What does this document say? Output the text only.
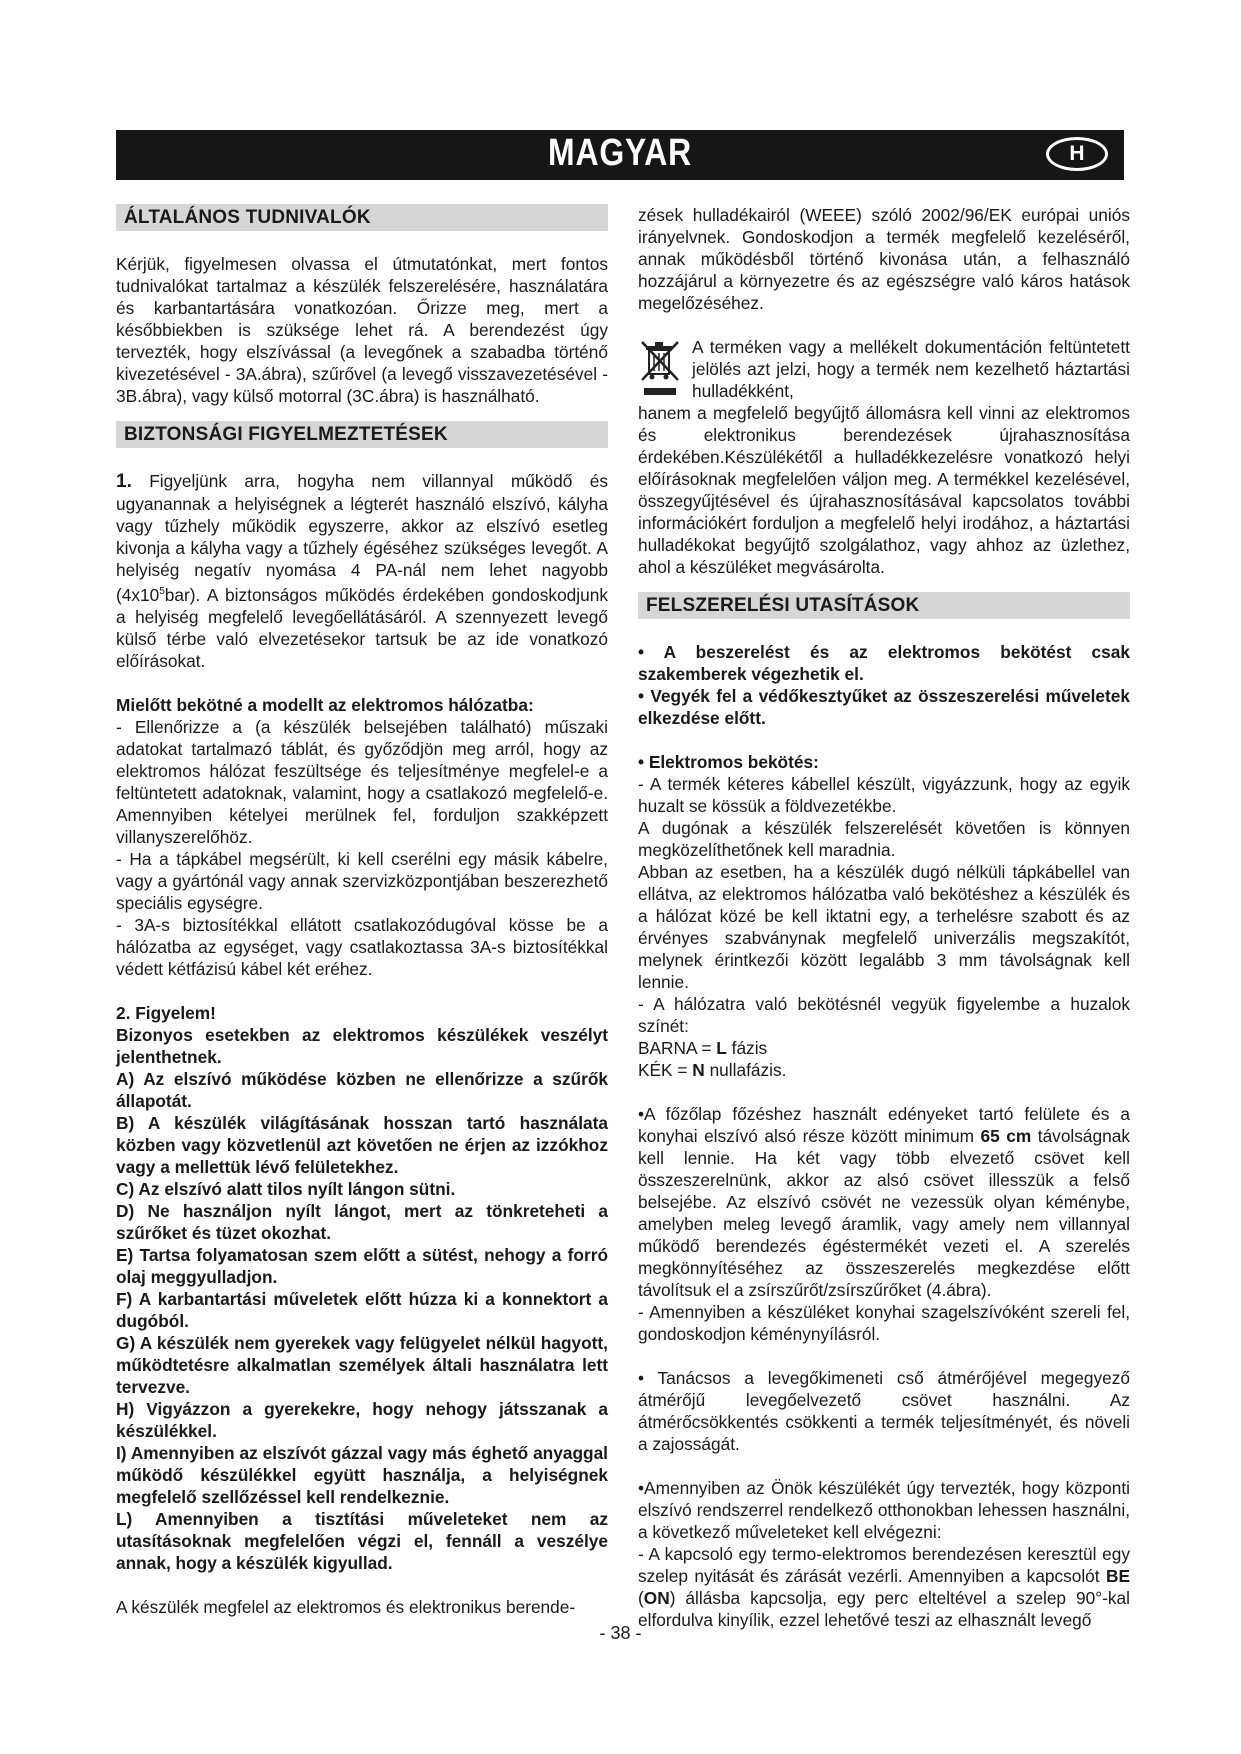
MAGYAR	H
ÁLTALÁNOS TUDNIVALÓK

Kérjük, figyelmesen olvassa el útmutatónkat, mert fontos tudnivalókat tartalmaz a készülék felszerelésére, használatára és karbantartására vonatkozóan. Őrizze meg, mert a későbbiekben is szüksége lehet rá. A berendezést úgy tervezték, hogy elszívással (a levegőnek a szabadba történő kivezetésével - 3A.ábra), szűrővel (a levegő visszavezetésével - 3B.ábra), vagy külső motorral (3C.ábra) is használható.

BIZTONSÁGI FIGYELMEZTETÉSEK

1. Figyeljünk arra, hogyha nem villannyal működő és ugyanannak a helyiségnek a légterét használó elszívó, kályha vagy tűzhely működik egyszerre, akkor az elszívó esetleg kivonja a kályha vagy a tűzhely égéséhez szükséges levegőt. A helyiség negatív nyomása 4 PA-nál nem lehet nagyobb $(4x10^5bar)$. A biztonságos működés érdekében gondoskodjunk a helyiség megfelelő levegőellátásáról. A szennyezett levegő külső térbe való elvezetésekor tartsuk be az ide vonatkozó előírásokat.

Mielőtt bekötné a modellt az elektromos hálózatba:

- Ellenőrizze a (a készülék belsejében található) műszaki adatokat tartalmazó táblát, és győződjön meg arról, hogy az elektromos hálózat feszültsége és teljesítménye megfelel-e a feltüntetett adatoknak, valamint, hogy a csatlakozó megfelelő-e. Amennyiben kételyei merülnek fel, forduljon szakképzett villanyszerelőhöz.

- Ha a tápkábel megsérült, ki kell cserélni egy másik kábelre, vagy a gyártónál vagy annak szervizközpontjában beszerezhető speciális egységre.

- 3A-s biztosítékkal ellátott csatlakozódugóval kösse be a hálózatba az egységet, vagy csatlakoztassa 3A-s biztosítékkal védett kétfázisú kábel két eréhez.

2. Figyelem!

Bizonyos esetekben az elektromos készülékek veszélyt jelenthetnek.

A) Az elszívó működése közben ne ellenőrizze a szűrők állapotát.

B) A készülék világításának hosszan tartó használata közben vagy közvetlenül azt követően ne érjen az izzókhoz vagy a mellettük lévő felületekhez.

C) Az elszívó alatt tilos nyílt lángon sütni.

D) Ne használjon nyílt lángot, mert az tönkreteheti a szűrőket és tüzet okozhat.

E) Tartsa folyamatosan szem előtt a sütést, nehogy a forró olaj meggyulladjon.

F) A karbantartási műveletek előtt húzza ki a konnektort a dugóból.

G) A készülék nem gyerekek vagy felügyelet nélkül hagyott, működtetésre alkalmatlan személyek általi használatra lett tervezve.

H) Vigyázzon a gyerekekre, hogy nehogy játsszanak a készülékkel.

I) Amennyiben az elszívót gázzal vagy más éghető anyaggal működő készülékkel együtt használja, a helyiségnek megfelelő szellőzéssel kell rendelkeznie.

L) Amennyiben a tisztítási műveleteket nem az utasításoknak megfelelően végzi el, fennáll a veszélye annak, hogy a készülék kigyullad.

A készülék megfelel az elektromos és elektronikus berende-

zések hulladékairól (WEEE) szóló 2002/96/EK európai uniós irányelvnek. Gondoskodjon a termék megfelelő kezeléséről, annak működésből történő kivonása után, a felhasználó hozzájárul a környezetre és az egészségre való káros hatások megelőzéséhez.

A terméken vagy a mellékelt dokumentáción feltüntetett jelölés azt jelzi, hogy a termék nem kezelhető háztartási hulladékként,
hanem a megfelelő begyűjtő állomásra kell vinni az elektromos és elektronikus berendezések újrahasznosítása érdekében.Készülékétől a hulladékkezelésre vonatkozó helyi előírásoknak megfelelően váljon meg. A termékkel kezelésével, összegyűjtésével és újrahasznosításával kapcsolatos további információkért forduljon a megfelelő helyi irodához, a háztartási hulladékokat begyűjtő szolgálathoz, vagy ahhoz az üzlethez, ahol a készüléket megvásárolta.
FELSZERELÉSI UTASÍTÁSOK

• A beszerelést és az elektromos bekötést csak szakemberek végezhetik el.

• Vegyék fel a védőkesztyűket az összeszerelési műveletek elkezdése előtt.

• Elektromos bekötés:

- A termék kéteres kábellel készült, vigyázzunk, hogy az egyik huzalt se kössük a földvezetékbe.

A dugónak a készülék felszerelését követően is könnyen megközelíthetőnek kell maradnia.

Abban az esetben, ha a készülék dugó nélküli tápkábellel van ellátva, az elektromos hálózatba való bekötéshez a készülék és a hálózat közé be kell iktatni egy, a terhelésre szabott és az érvényes szabványnak megfelelő univerzális megszakítót, melynek érintkezői között legalább 3 mm távolságnak kell lennie.

- A hálózatra való bekötésnél vegyük figyelembe a huzalok színét:

BARNA = L fázis

KÉK = N nullafázis.

•A főzőlap főzéshez használt edényeket tartó felülete és a konyhai elszívó alsó része között minimum 65 cm távolságnak kell lennie. Ha két vagy több elvezető csövet kell összeszerelnünk, akkor az alsó csövet illesszük a felső belsejébe. Az elszívó csövét ne vezessük olyan kéménybe, amelyben meleg levegő áramlik, vagy amely nem villannyal működő berendezés égéstermékét vezeti el. A szerelés megkönnyítéséhez az összeszerelés megkezdése előtt távolítsuk el a zsírszűrőt/zsírszűrőket (4.ábra).

- Amennyiben a készüléket konyhai szagelszívóként szereli fel, gondoskodjon kéménynyílásról.

• Tanácsos a levegőkimeneti cső átmérőjével megegyező átmérőjű levegőelvezető csövet használni. Az átmérőcsökkentés csökkenti a termék teljesítményét, és növeli a zajosságát.

•Amennyiben az Önök készülékét úgy tervezték, hogy központi elszívó rendszerrel rendelkező otthonokban lehessen használni, a következő műveleteket kell elvégezni:

- A kapcsoló egy termo-elektromos berendezésen keresztül egy szelep nyitását és zárását vezérli. Amennyiben a kapcsolót BE (ON) állásba kapcsolja, egy perc elteltével a szelep 90°-kal elfordulva kinyílik, ezzel lehetővé teszi az elhasznált levegő

- 38 -
